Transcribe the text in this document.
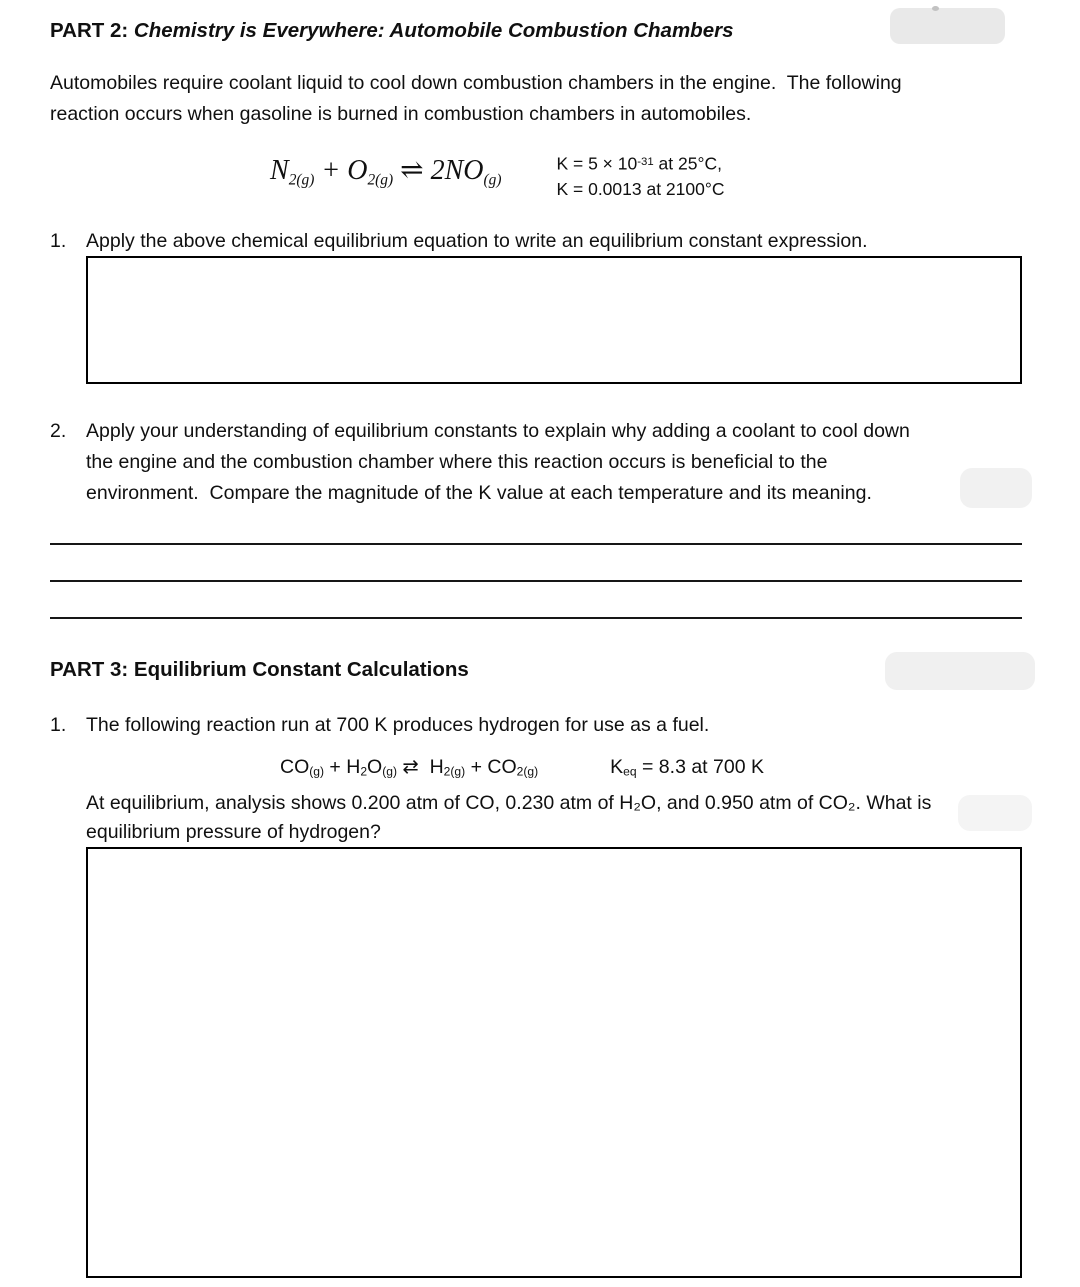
PART 2: Chemistry is Everywhere: Automobile Combustion Chambers
Automobiles require coolant liquid to cool down combustion chambers in the engine.  The following
reaction occurs when gasoline is burned in combustion chambers in automobiles.
N2(g) + O2(g) ⇌ 2NO(g)
$K = 5 \times 10^{-31}$ at 25°C,
K = 0.0013 at 2100°C
1.	Apply the above chemical equilibrium equation to write an equilibrium constant expression.
2.	Apply your understanding of equilibrium constants to explain why adding a coolant to cool down
the engine and the combustion chamber where this reaction occurs is beneficial to the
environment.  Compare the magnitude of the K value at each temperature and its meaning.
PART 3: Equilibrium Constant Calculations
1.	The following reaction run at 700 K produces hydrogen for use as a fuel.
$CO_{(g)} + H_2O_{(g)}$ ⇄  $H_{2(g)} + CO_{2(g)}$	$K_{eq} = 8.3$ at 700 K
At equilibrium, analysis shows 0.200 atm of CO, 0.230 atm of H₂O, and 0.950 atm of CO₂. What is
equilibrium pressure of hydrogen?
